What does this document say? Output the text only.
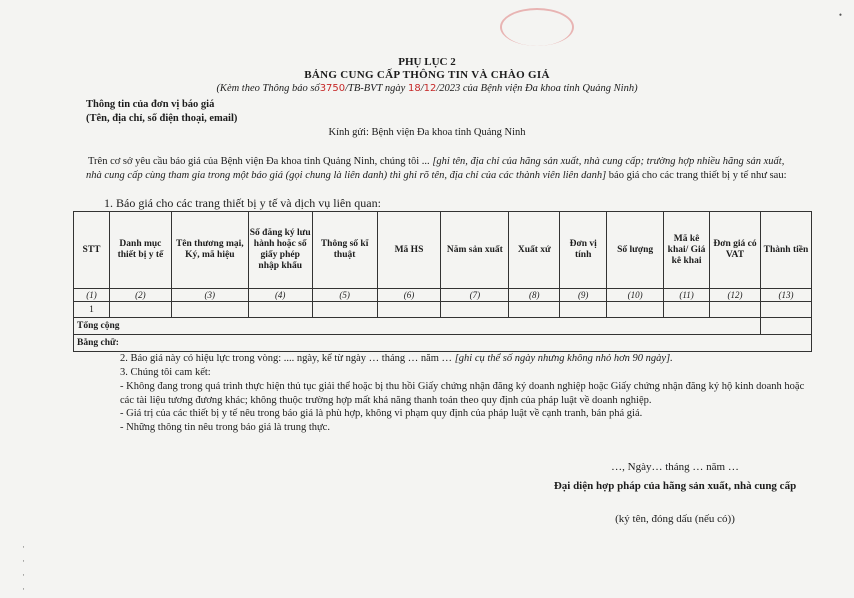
•
PHỤ LỤC 2
BẢNG CUNG CẤP THÔNG TIN VÀ CHÀO GIÁ
(Kèm theo Thông báo số3750/TB-BVT ngày 18/12/2023 của Bệnh viện Đa khoa tỉnh Quảng Ninh)
Thông tin của đơn vị báo giá
(Tên, địa chỉ, số điện thoại, email)
Kính gửi: Bệnh viện Đa khoa tỉnh Quảng Ninh
Trên cơ sở yêu cầu báo giá của Bệnh viện Đa khoa tỉnh Quảng Ninh, chúng tôi ... [ghi tên, địa chỉ của hãng sản xuất, nhà cung cấp; trường hợp nhiều hãng sản xuất, nhà cung cấp cùng tham gia trong một báo giá (gọi chung là liên danh) thì ghi rõ tên, địa chỉ của các thành viên liên danh] báo giá cho các trang thiết bị y tế như sau:
1. Báo giá cho các trang thiết bị y tế và dịch vụ liên quan:
STT	Danh mục thiết bị y tế	Tên thương mại, Ký, mã hiệu	Số đăng ký lưu hành hoặc số giấy phép nhập khẩu	Thông số kĩ thuật	Mã HS	Năm sản xuất	Xuất xứ	Đơn vị tính	Số lượng	Mã kê khai/ Giá kê khai	Đơn giá có VAT	Thành tiền
(1)	(2)	(3)	(4)	(5)	(6)	(7)	(8)	(9)	(10)	(11)	(12)	(13)
1												
Tổng cộng												
Bằng chữ:												
2. Báo giá này có hiệu lực trong vòng: .... ngày, kể từ ngày … tháng … năm … [ghi cụ thể số ngày nhưng không nhỏ hơn 90 ngày].
3. Chúng tôi cam kết:
- Không đang trong quá trình thực hiện thủ tục giải thể hoặc bị thu hồi Giấy chứng nhận đăng ký doanh nghiệp hoặc Giấy chứng nhận đăng ký hộ kinh doanh hoặc các tài liệu tương đương khác; không thuộc trường hợp mất khả năng thanh toán theo quy định của pháp luật về doanh nghiệp.
- Giá trị của các thiết bị y tế nêu trong báo giá là phù hợp, không vi phạm quy định của pháp luật về cạnh tranh, bán phá giá.
- Những thông tin nêu trong báo giá là trung thực.
…, Ngày… tháng … năm …
Đại diện hợp pháp của hãng sản xuất, nhà cung cấp
(ký tên, đóng dấu (nếu có))
·
·
·
·
